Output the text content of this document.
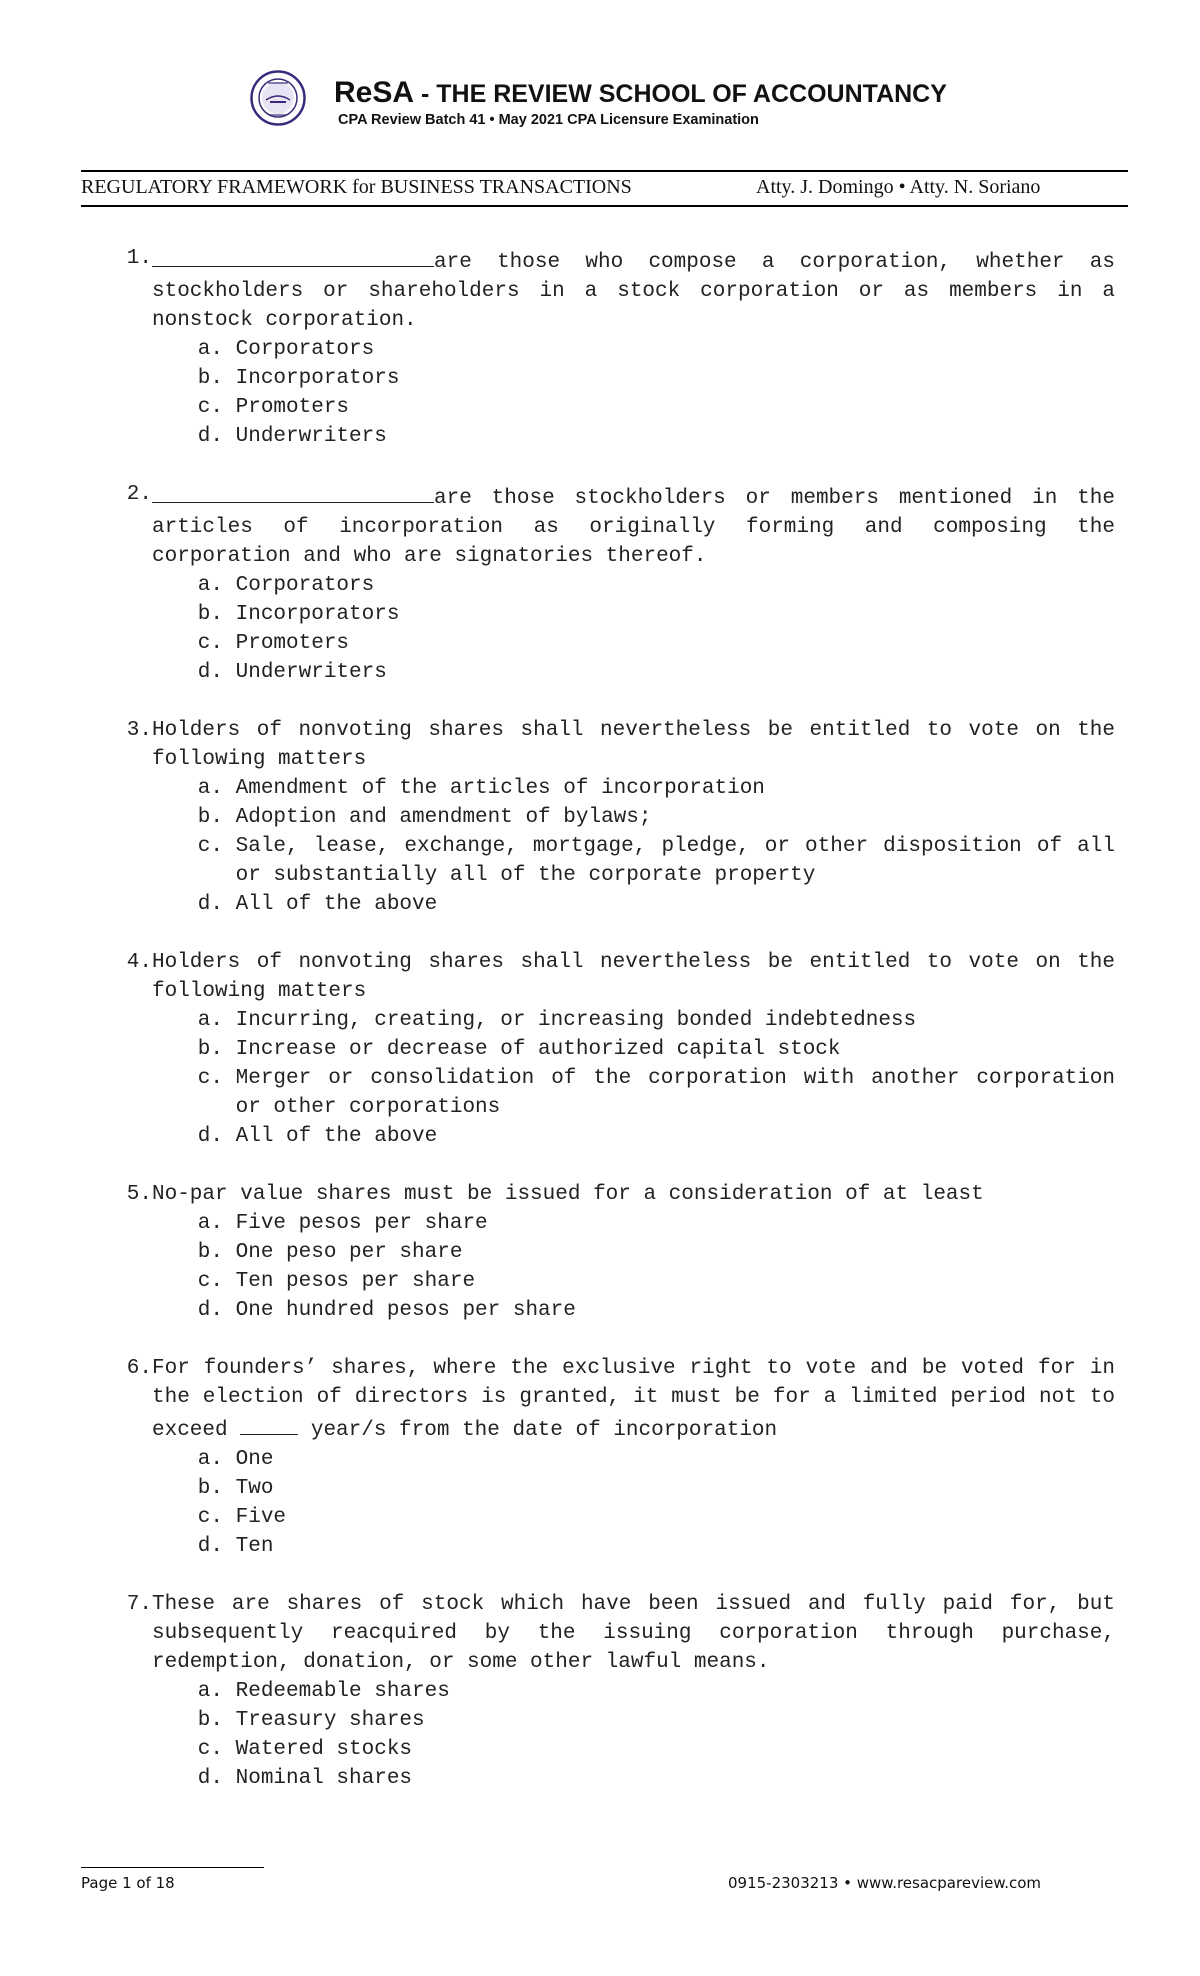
ReSA - THE REVIEW SCHOOL OF ACCOUNTANCY
CPA Review Batch 41 • May 2021 CPA Licensure Examination
REGULATORY FRAMEWORK for BUSINESS TRANSACTIONS	Atty. J. Domingo • Atty. N. Soriano
1.	are those who compose a corporation, whether as stockholders or shareholders in a stock corporation or as members in a nonstock corporation.
a.
Corporators
b.
Incorporators
c.
Promoters
d.
Underwriters
2.	are those stockholders or members mentioned in the articles of incorporation as originally forming and composing the corporation and who are signatories thereof.
a.
Corporators
b.
Incorporators
c.
Promoters
d.
Underwriters
3. Holders of nonvoting shares shall nevertheless be entitled to vote on the following matters
a.
Amendment of the articles of incorporation
b.
Adoption and amendment of bylaws;
c.
Sale, lease, exchange, mortgage, pledge, or other disposition of all or substantially all of the corporate property
d.
All of the above
4. Holders of nonvoting shares shall nevertheless be entitled to vote on the following matters
a.
Incurring, creating, or increasing bonded indebtedness
b.
Increase or decrease of authorized capital stock
c.
Merger or consolidation of the corporation with another corporation or other corporations
d.
All of the above
5. No-par value shares must be issued for a consideration of at least
a.
Five pesos per share
b.
One peso per share
c.
Ten pesos per share
d.
One hundred pesos per share
6. For founders’ shares, where the exclusive right to vote and be voted for in the election of directors is granted, it must be for a limited period not to exceed	year/s from the date of incorporation
a.
One
b.
Two
c.
Five
d.
Ten
7. These are shares of stock which have been issued and fully paid for, but subsequently reacquired by the issuing corporation through purchase, redemption, donation, or some other lawful means.
a.
Redeemable shares
b.
Treasury shares
c.
Watered stocks
d.
Nominal shares
Page 1 of 18	0915-2303213 • www.resacpareview.com
